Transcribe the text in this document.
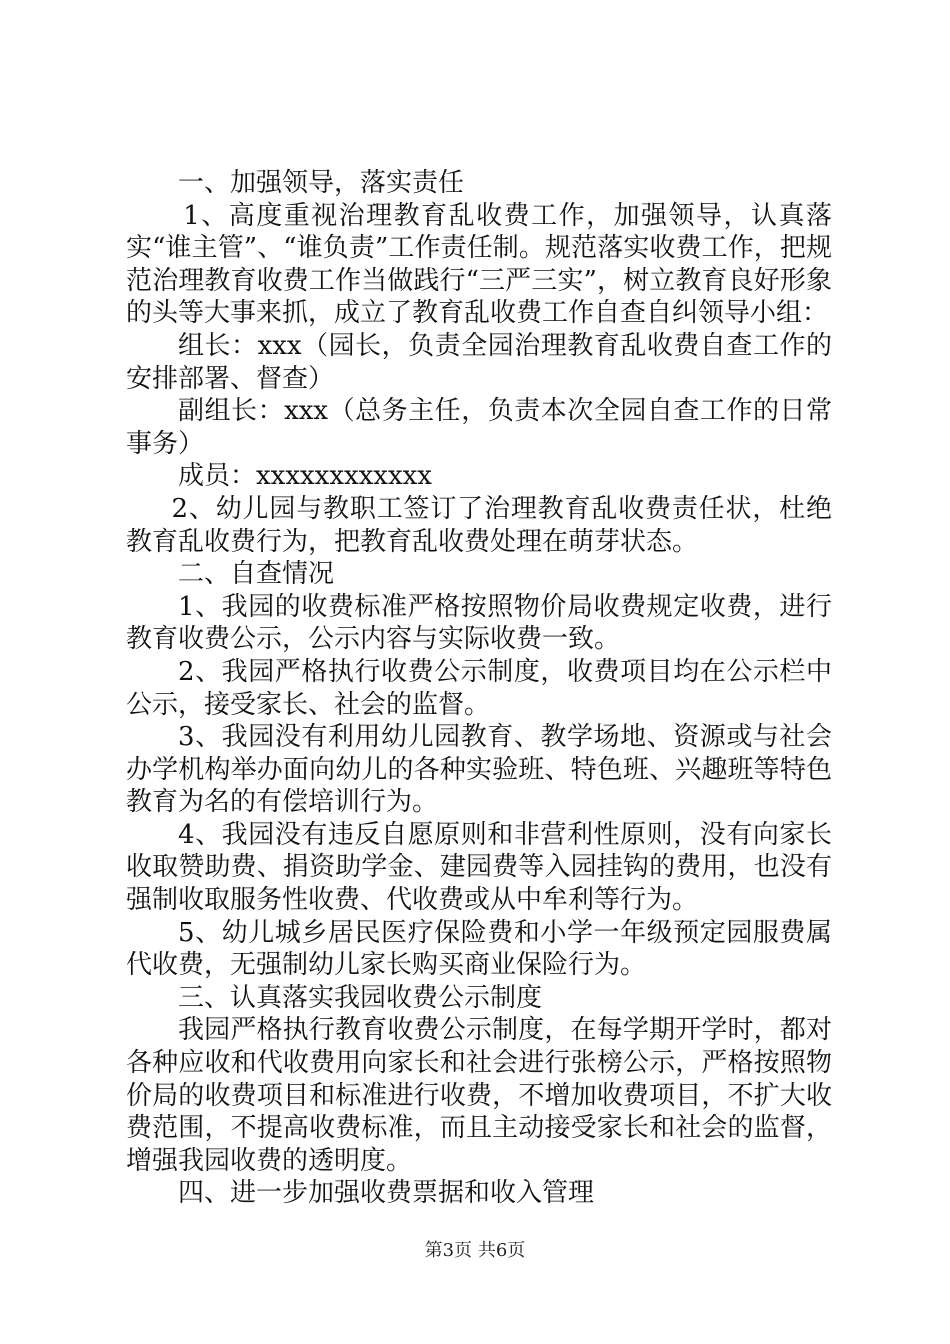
一、加强领导，落实责任

1、高度重视治理教育乱收费工作，加强领导，认真落实“谁主管”、“谁负责”工作责任制。规范落实收费工作，把规范治理教育收费工作当做践行“三严三实”，树立教育良好形象的头等大事来抓，成立了教育乱收费工作自查自纠领导小组：

组长：xxx（园长，负责全园治理教育乱收费自查工作的安排部署、督查）

副组长：xxx（总务主任，负责本次全园自查工作的日常事务）

成员：xxxxxxxxxxxx

2、幼儿园与教职工签订了治理教育乱收费责任状，杜绝教育乱收费行为，把教育乱收费处理在萌芽状态。

二、自查情况

1、我园的收费标准严格按照物价局收费规定收费，进行教育收费公示，公示内容与实际收费一致。

2、我园严格执行收费公示制度，收费项目均在公示栏中公示，接受家长、社会的监督。

3、我园没有利用幼儿园教育、教学场地、资源或与社会办学机构举办面向幼儿的各种实验班、特色班、兴趣班等特色教育为名的有偿培训行为。

4、我园没有违反自愿原则和非营利性原则，没有向家长收取赞助费、捐资助学金、建园费等入园挂钩的费用，也没有强制收取服务性收费、代收费或从中牟利等行为。

5、幼儿城乡居民医疗保险费和小学一年级预定园服费属代收费，无强制幼儿家长购买商业保险行为。

三、认真落实我园收费公示制度

我园严格执行教育收费公示制度，在每学期开学时，都对各种应收和代收费用向家长和社会进行张榜公示，严格按照物价局的收费项目和标准进行收费，不增加收费项目，不扩大收费范围，不提高收费标准，而且主动接受家长和社会的监督，增强我园收费的透明度。

四、进一步加强收费票据和收入管理

第3页 共6页
